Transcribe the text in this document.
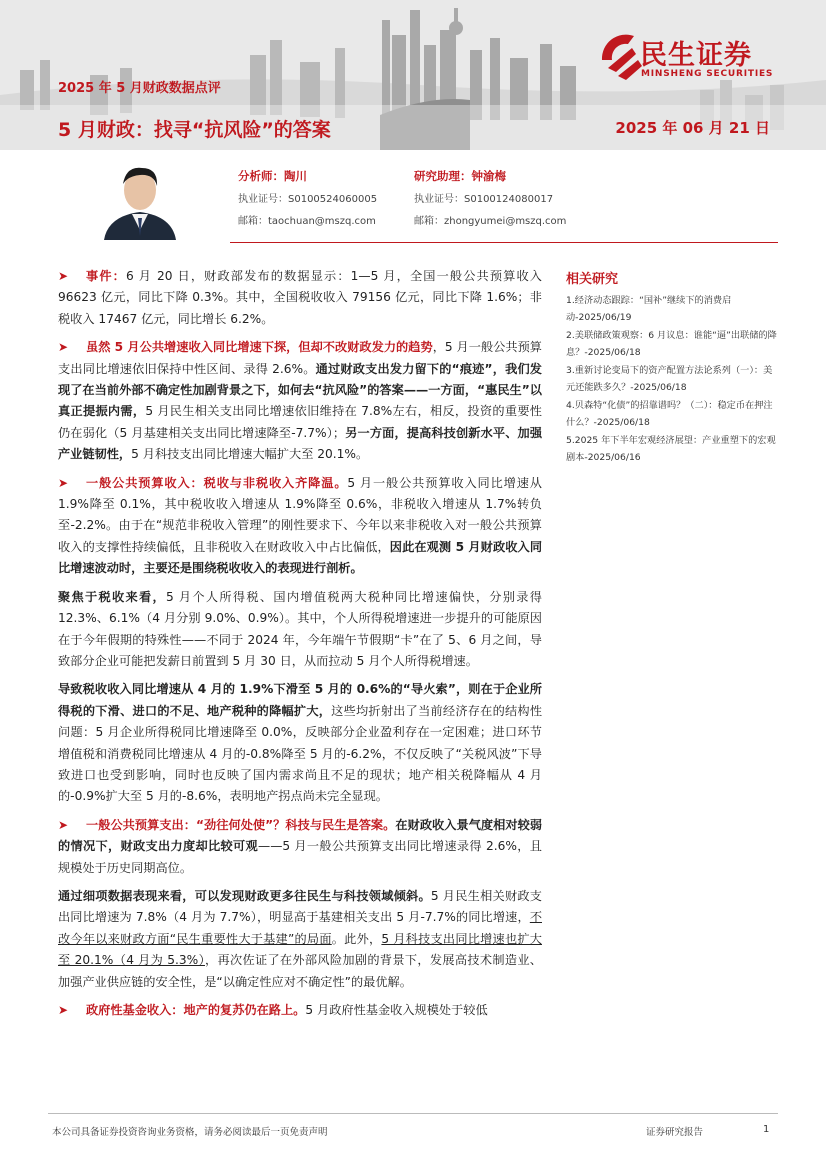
2025 年 5 月财政数据点评
5 月财政：找寻“抗风险”的答案	2025 年 06 月 21 日
民生证券
MINSHENG SECURITIES
分析师：陶川
执业证号：S0100524060005
邮箱：taochuan@mszq.com
研究助理：钟渝梅
执业证号：S0100124080017
邮箱：zhongyumei@mszq.com

➤ 事件：6 月 20 日，财政部发布的数据显示：1—5 月，全国一般公共预算收入 96623 亿元，同比下降 0.3%。其中，全国税收收入 79156 亿元，同比下降 1.6%；非税收入 17467 亿元，同比增长 6.2%。

➤ 虽然 5 月公共增速收入同比增速下探，但却不改财政发力的趋势，5 月一般公共预算支出同比增速依旧保持中性区间、录得 2.6%。通过财政支出发力留下的“痕迹”，我们发现了在当前外部不确定性加剧背景之下，如何去“抗风险”的答案——一方面，“惠民生”以真正提振内需，5 月民生相关支出同比增速依旧维持在 7.8%左右，相反，投资的重要性仍在弱化（5 月基建相关支出同比增速降至-7.7%）；另一方面，提高科技创新水平、加强产业链韧性，5 月科技支出同比增速大幅扩大至 20.1%。

➤ 一般公共预算收入：税收与非税收入齐降温。5 月一般公共预算收入同比增速从 1.9%降至 0.1%，其中税收收入增速从 1.9%降至 0.6%，非税收入增速从 1.7%转负至-2.2%。由于在“规范非税收入管理”的刚性要求下、今年以来非税收入对一般公共预算收入的支撑性持续偏低，且非税收入在财政收入中占比偏低，因此在观测 5 月财政收入同比增速波动时，主要还是围绕税收收入的表现进行剖析。

聚焦于税收来看，5 月个人所得税、国内增值税两大税种同比增速偏快，分别录得 12.3%、6.1%（4 月分别 9.0%、0.9%）。其中，个人所得税增速进一步提升的可能原因在于今年假期的特殊性——不同于 2024 年，今年端午节假期“卡”在了 5、6 月之间，导致部分企业可能把发薪日前置到 5 月 30 日，从而拉动 5 月个人所得税增速。

导致税收收入同比增速从 4 月的 1.9%下滑至 5 月的 0.6%的“导火索”，则在于企业所得税的下滑、进口的不足、地产税种的降幅扩大，这些均折射出了当前经济存在的结构性问题：5 月企业所得税同比增速降至 0.0%，反映部分企业盈利存在一定困难；进口环节增值税和消费税同比增速从 4 月的-0.8%降至 5 月的-6.2%，不仅反映了“关税风波”下导致进口也受到影响，同时也反映了国内需求尚且不足的现状；地产相关税降幅从 4 月的-0.9%扩大至 5 月的-8.6%，表明地产拐点尚未完全显现。

➤ 一般公共预算支出：“劲往何处使”？科技与民生是答案。在财政收入景气度相对较弱的情况下，财政支出力度却比较可观——5 月一般公共预算支出同比增速录得 2.6%，且规模处于历史同期高位。

通过细项数据表现来看，可以发现财政更多往民生与科技领域倾斜。5 月民生相关财政支出同比增速为 7.8%（4 月为 7.7%），明显高于基建相关支出 5 月-7.7%的同比增速，不改今年以来财政方面“民生重要性大于基建”的局面。此外，5 月科技支出同比增速也扩大至 20.1%（4 月为 5.3%），再次佐证了在外部风险加剧的背景下，发展高技术制造业、加强产业供应链的安全性，是“以确定性应对不确定性”的最优解。

➤ 政府性基金收入：地产的复苏仍在路上。5 月政府性基金收入规模处于较低

相关研究
1.经济动态跟踪：“国补”继续下的消费启动-2025/06/19
2.美联储政策观察：6 月议息：谁能“逼”出联储的降息？-2025/06/18
3.重新讨论变局下的资产配置方法论系列（一）：美元还能跌多久？-2025/06/18
4.贝森特“化债”的招靠谱吗？（二）：稳定币在押注什么？-2025/06/18
5.2025 年下半年宏观经济展望：产业重塑下的宏观剧本-2025/06/16
本公司具备证券投资咨询业务资格，请务必阅读最后一页免责声明	证券研究报告	1
